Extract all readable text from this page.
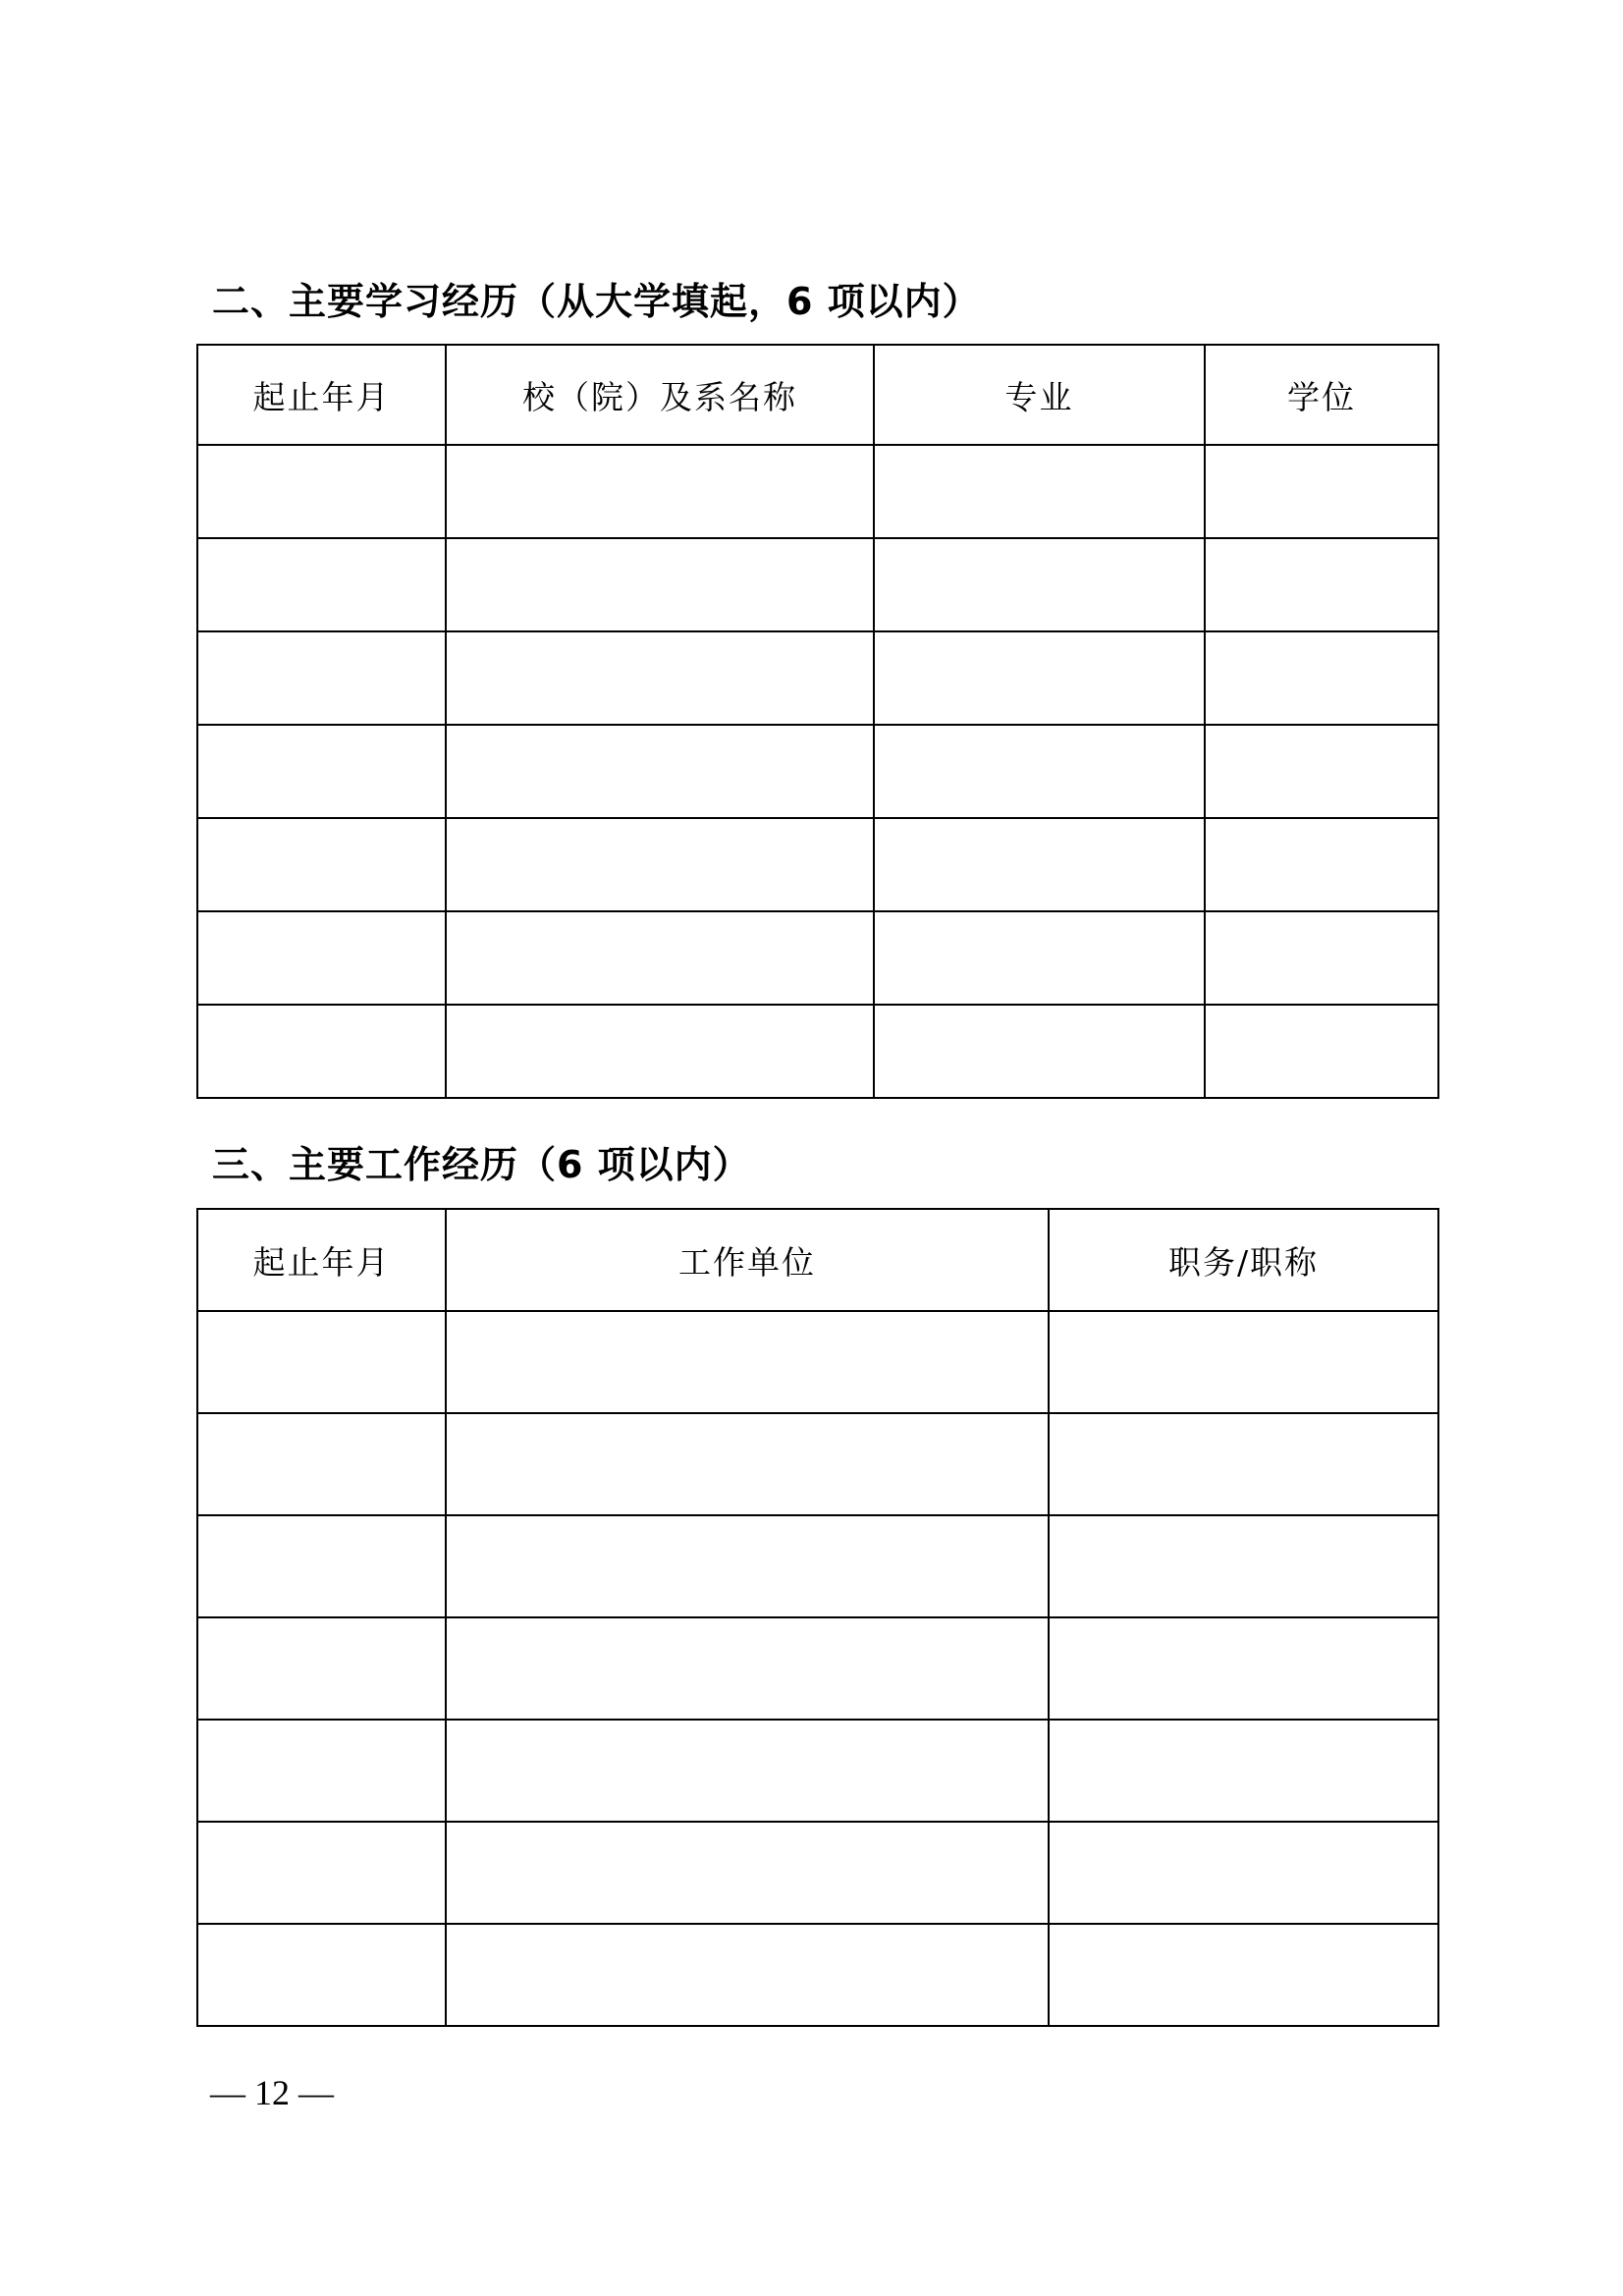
二、主要学习经历（从大学填起，6 项以内）
起止年月	校（院）及系名称	专业	学位

三、主要工作经历（6 项以内）
起止年月	工作单位	职务/职称

— 12 —
